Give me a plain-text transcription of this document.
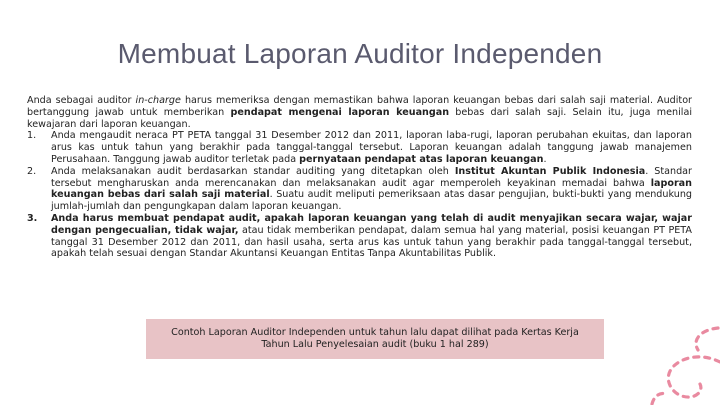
Membuat Laporan Auditor Independen

Anda sebagai auditor in-charge harus memeriksa dengan memastikan bahwa laporan keuangan bebas dari salah saji material. Auditor bertanggung jawab untuk memberikan pendapat mengenai laporan keuangan bebas dari salah saji. Selain itu, juga menilai kewajaran dari laporan keuangan.

1.	Anda mengaudit neraca PT PETA tanggal 31 Desember 2012 dan 2011, laporan laba-rugi, laporan perubahan ekuitas, dan laporan arus kas untuk tahun yang berakhir pada tanggal-tanggal tersebut. Laporan keuangan adalah tanggung jawab manajemen Perusahaan. Tanggung jawab auditor terletak pada pernyataan pendapat atas laporan keuangan.
2.	Anda melaksanakan audit berdasarkan standar auditing yang ditetapkan oleh Institut Akuntan Publik Indonesia. Standar tersebut mengharuskan anda merencanakan dan melaksanakan audit agar memperoleh keyakinan memadai bahwa laporan keuangan bebas dari salah saji material. Suatu audit meliputi pemeriksaan atas dasar pengujian, bukti-bukti yang mendukung jumlah-jumlah dan pengungkapan dalam laporan keuangan.
3.	Anda harus membuat pendapat audit, apakah laporan keuangan yang telah di audit menyajikan secara wajar, wajar dengan pengecualian, tidak wajar, atau tidak memberikan pendapat, dalam semua hal yang material, posisi keuangan PT PETA tanggal 31 Desember 2012 dan 2011, dan hasil usaha, serta arus kas untuk tahun yang berakhir pada tanggal-tanggal tersebut, apakah telah sesuai dengan Standar Akuntansi Keuangan Entitas Tanpa Akuntabilitas Publik.
Contoh Laporan Auditor Independen untuk tahun lalu dapat dilihat pada Kertas Kerja Tahun Lalu Penyelesaian audit (buku 1 hal 289)
